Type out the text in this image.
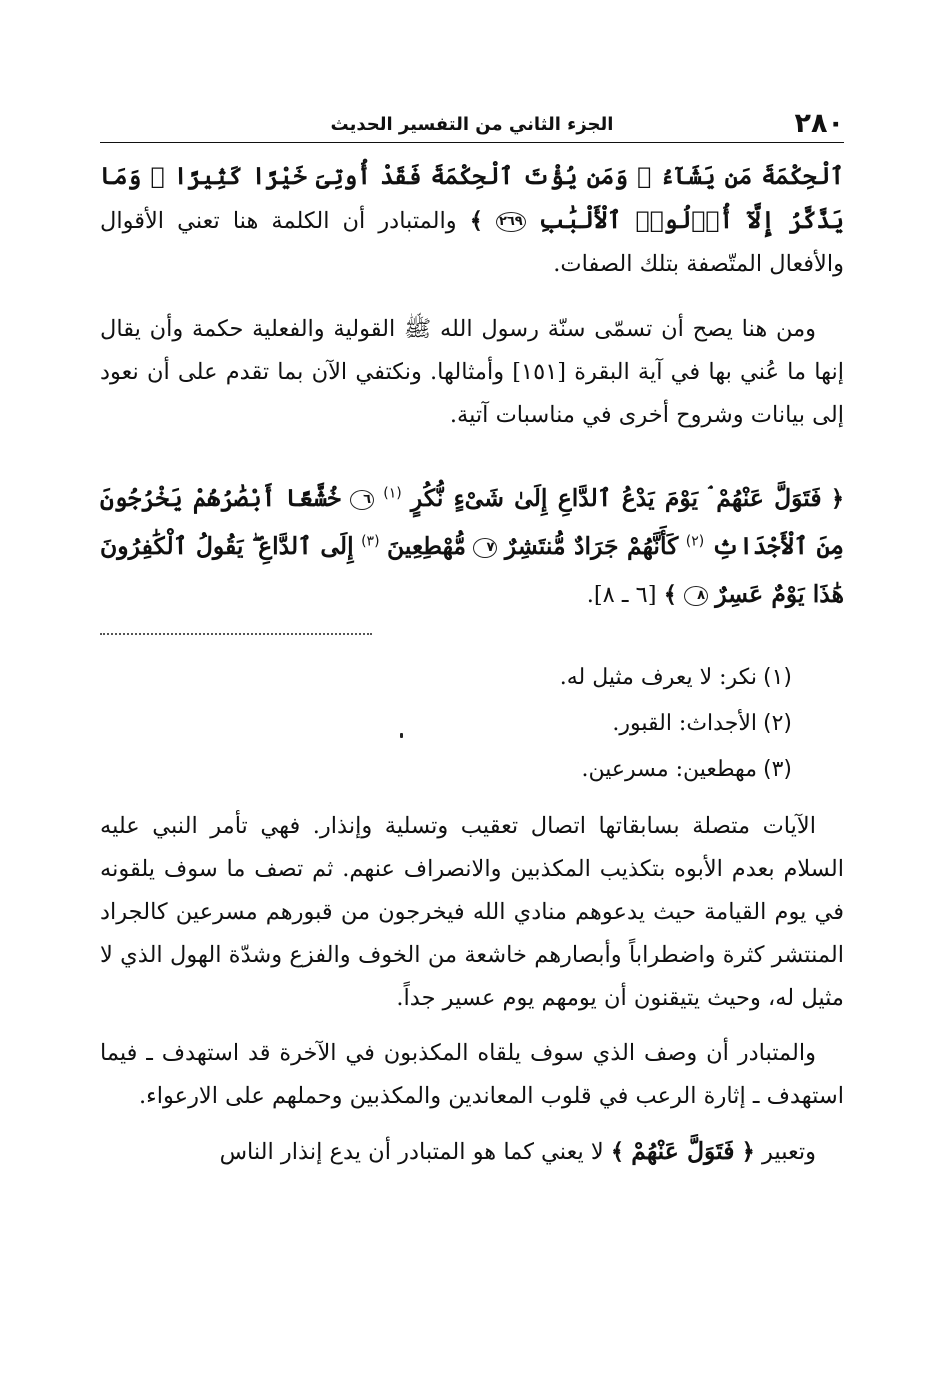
٢٨٠
الجزء الثاني من التفسير الحديث

ٱلْحِكْمَةَ مَن يَشَآءُ ۚ وَمَن يُؤْتَ ٱلْحِكْمَةَ فَقَدْ أُوتِىَ خَيْرًا كَثِيرًا ۗ وَمَا يَذَّكَّرُ إِلَّآ أُو۟لُوا۟ ٱلْأَلْبَٰبِ ٢٦٩ ﴾ والمتبادر أن الكلمة هنا تعني الأقوال والأفعال المتّصفة بتلك الصفات.

ومن هنا يصح أن تسمّى سنّة رسول الله ﷺ القولية والفعلية حكمة وأن يقال إنها ما عُني بها في آية البقرة [١٥١] وأمثالها. ونكتفي الآن بما تقدم على أن نعود إلى بيانات وشروح أخرى في مناسبات آتية.

﴿ فَتَوَلَّ عَنْهُمْ ۘ يَوْمَ يَدْعُ ٱلدَّاعِ إِلَىٰ شَىْءٍ نُّكُرٍ $^{(١)}$ ٦ خُشَّعًا أَبْصَٰرُهُمْ يَخْرُجُونَ مِنَ ٱلْأَجْدَاثِ $^{(٢)}$ كَأَنَّهُمْ جَرَادٌ مُّنتَشِرٌ ٧ مُّهْطِعِينَ $^{(٣)}$ إِلَى ٱلدَّاعِ ۖ يَقُولُ ٱلْكَٰفِرُونَ هَٰذَا يَوْمٌ عَسِرٌ ٨ ﴾ [٦ ـ ٨].

(١)نكر: لا يعرف مثيل له.
(٢)الأجداث: القبور.
(٣)مهطعين: مسرعين.

الآيات متصلة بسابقاتها اتصال تعقيب وتسلية وإنذار. فهي تأمر النبي عليه السلام بعدم الأبوه بتكذيب المكذبين والانصراف عنهم. ثم تصف ما سوف يلقونه في يوم القيامة حيث يدعوهم منادي الله فيخرجون من قبورهم مسرعين كالجراد المنتشر كثرة واضطراباً وأبصارهم خاشعة من الخوف والفزع وشدّة الهول الذي لا مثيل له، وحيث يتيقنون أن يومهم يوم عسير جداً.

والمتبادر أن وصف الذي سوف يلقاه المكذبون في الآخرة قد استهدف ـ فيما استهدف ـ إثارة الرعب في قلوب المعاندين والمكذبين وحملهم على الارعواء.

وتعبير ﴿ فَتَوَلَّ عَنْهُمْ ﴾ لا يعني كما هو المتبادر أن يدع إنذار الناس
